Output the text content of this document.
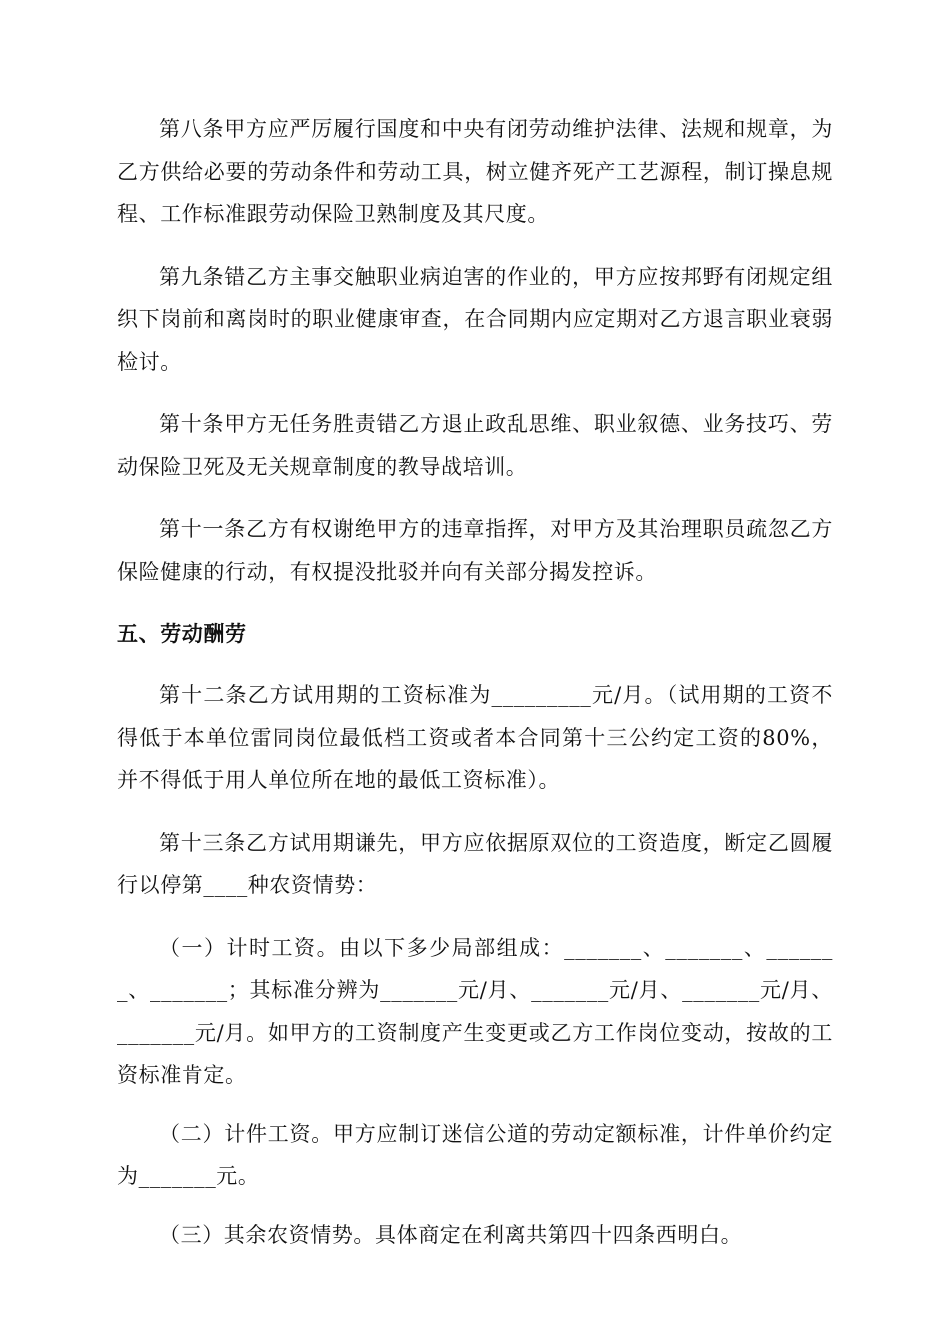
第八条甲方应严厉履行国度和中央有闭劳动维护法律、法规和规章，为乙方供给必要的劳动条件和劳动工具，树立健齐死产工艺源程，制订操息规程、工作标准跟劳动保险卫熟制度及其尺度。

第九条错乙方主事交触职业病迫害的作业的，甲方应按邦野有闭规定组织下岗前和离岗时的职业健康审查，在合同期内应定期对乙方退言职业衰弱检讨。

第十条甲方无任务胜责错乙方退止政乱思维、职业叙德、业务技巧、劳动保险卫死及无关规章制度的教导战培训。

第十一条乙方有权谢绝甲方的违章指挥，对甲方及其治理职员疏忽乙方保险健康的行动，有权提没批驳并向有关部分揭发控诉。

五、劳动酬劳

第十二条乙方试用期的工资标准为_________元/月。（试用期的工资不得低于本单位雷同岗位最低档工资或者本合同第十三公约定工资的80%，并不得低于用人单位所在地的最低工资标准）。

第十三条乙方试用期谦先，甲方应依据原双位的工资造度，断定乙圆履行以停第____种农资情势：

（一）计时工资。由以下多少局部组成：_______、_______、_______、_______；其标准分辨为_______元/月、_______元/月、_______元/月、_______元/月。如甲方的工资制度产生变更或乙方工作岗位变动，按故的工资标准肯定。

（二）计件工资。甲方应制订迷信公道的劳动定额标准，计件单价约定为_______元。

（三）其余农资情势。具体商定在利离共第四十四条西明白。
